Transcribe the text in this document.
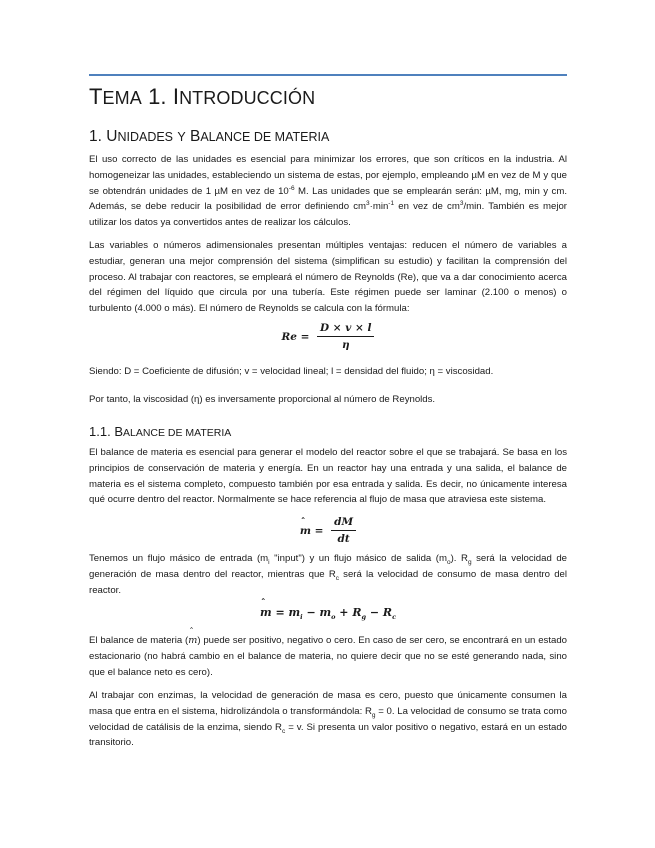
TEMA 1. INTRODUCCIÓN
1. UNIDADES Y BALANCE DE MATERIA
El uso correcto de las unidades es esencial para minimizar los errores, que son críticos en la industria. Al homogeneizar las unidades, estableciendo un sistema de estas, por ejemplo, empleando µM en vez de M y que se obtendrán unidades de 1 µM en vez de $10^{-6}$ M. Las unidades que se emplearán serán: µM, mg, min y cm. Además, se debe reducir la posibilidad de error definiendo $cm^3\cdot\min^{-1}$ en vez de $cm^3/\min$. También es mejor utilizar los datos ya convertidos antes de realizar los cálculos.
Las variables o números adimensionales presentan múltiples ventajas: reducen el número de variables a estudiar, generan una mejor comprensión del sistema (simplifican su estudio) y facilitan la comprensión del proceso. Al trabajar con reactores, se empleará el número de Reynolds (Re), que va a dar conocimiento acerca del régimen del líquido que circula por una tubería. Este régimen puede ser laminar (2.100 o menos) o turbulento (4.000 o más). El número de Reynolds se calcula con la fórmula:
$Re = \frac{D \times v \times l}{\eta}$
Siendo: D = Coeficiente de difusión; v = velocidad lineal; l = densidad del fluido; η = viscosidad.
Por tanto, la viscosidad (η) es inversamente proporcional al número de Reynolds.
1.1. BALANCE DE MATERIA
El balance de materia es esencial para generar el modelo del reactor sobre el que se trabajará. Se basa en los principios de conservación de materia y energía. En un reactor hay una entrada y una salida, el balance de materia es el sistema completo, compuesto también por esa entrada y salida. Es decir, no únicamente interesa qué ocurre dentro del reactor. Normalmente se hace referencia al flujo de masa que atraviesa este sistema.
ˆ $m = \frac{dM}{dt}$
Tenemos un flujo másico de entrada ($m_i$ "input") y un flujo másico de salida $(m_o)$. $R_g$ será la velocidad de generación de masa dentro del reactor, mientras que $R_c$ será la velocidad de consumo de masa dentro del reactor.
ˆ $m = m_i - m_o + R_g - R_c$
El balance de materia (ˆ m) puede ser positivo, negativo o cero. En caso de ser cero, se encontrará en un estado estacionario (no habrá cambio en el balance de materia, no quiere decir que no se esté generando nada, sino que el balance neto es cero).
Al trabajar con enzimas, la velocidad de generación de masa es cero, puesto que únicamente consumen la masa que entra en el sistema, hidrolizándola o transformándola: $R_g = 0$. La velocidad de consumo se trata como velocidad de catálisis de la enzima, siendo $R_c = v$. Si presenta un valor positivo o negativo, estará en un estado transitorio.
